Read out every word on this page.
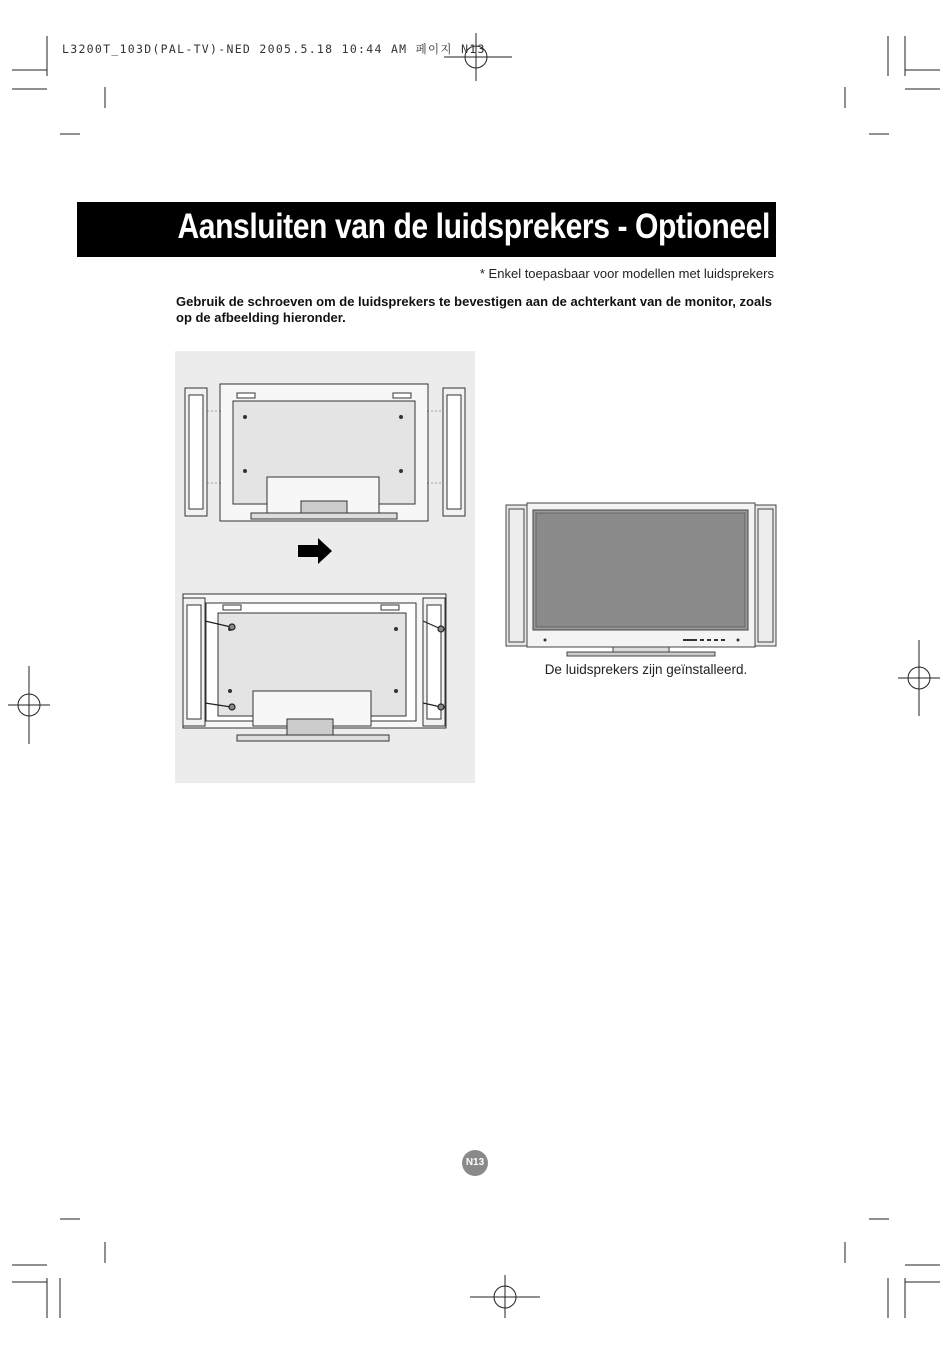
L3200T_103D(PAL-TV)-NED 2005.5.18 10:44 AM 페이지 N13
Aansluiten van de luidsprekers - Optioneel
* Enkel toepasbaar voor modellen met luidsprekers
Gebruik de schroeven om de luidsprekers te bevestigen aan de achterkant van de monitor, zoals op de afbeelding hieronder.
De luidsprekers zijn geïnstalleerd.
N13
